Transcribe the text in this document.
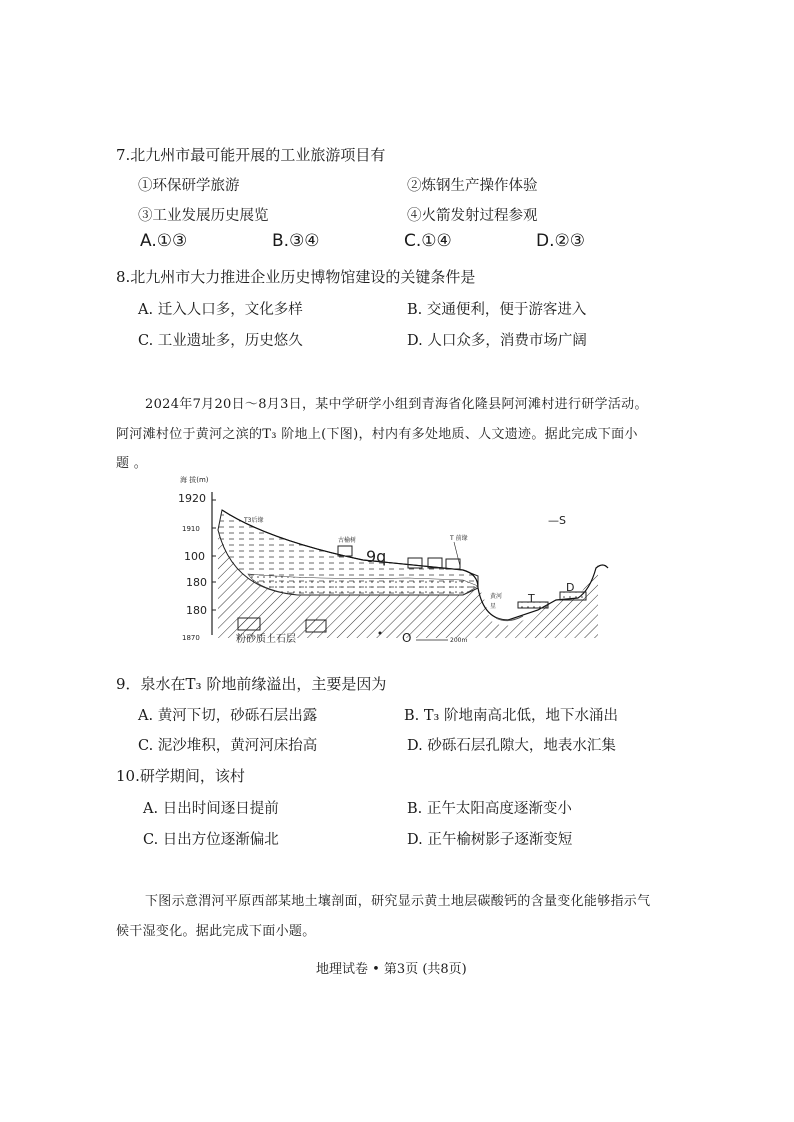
7.北九州市最可能开展的工业旅游项目有
①环保研学旅游	②炼钢生产操作体验
③工业发展历史展览	④火箭发射过程参观
A.①③	B.③④	C.①④	D.②③
8.北九州市大力推进企业历史博物馆建设的关键条件是
A. 迁入人口多，文化多样	B. 交通便利，便于游客进入
C. 工业遗址多，历史悠久	D. 人口众多，消费市场广阔
2024年7月20日～8月3日，某中学研学小组到青海省化隆县阿河滩村进行研学活动。
阿河滩村位于黄河之滨的T₃ 阶地上(下图)，村内有多处地质、人文遗迹。据此完成下面小
题 。
海 拔(m)
1920
1910
100
180
180
1870
T3后缘
古榆树
9q
T 前缘
黄河
星
T
D
—S
O	200m
粉砂质上石层
9．泉水在T₃ 阶地前缘溢出，主要是因为
A. 黄河下切，砂砾石层出露	B. T₃ 阶地南高北低，地下水涌出
C. 泥沙堆积，黄河河床抬高	D. 砂砾石层孔隙大，地表水汇集
10.研学期间，该村
A. 日出时间逐日提前	B. 正午太阳高度逐渐变小
C. 日出方位逐渐偏北	D. 正午榆树影子逐渐变短
下图示意渭河平原西部某地土壤剖面，研究显示黄土地层碳酸钙的含量变化能够指示气
候干湿变化。据此完成下面小题。
地理试卷 • 第3页 (共8页)
